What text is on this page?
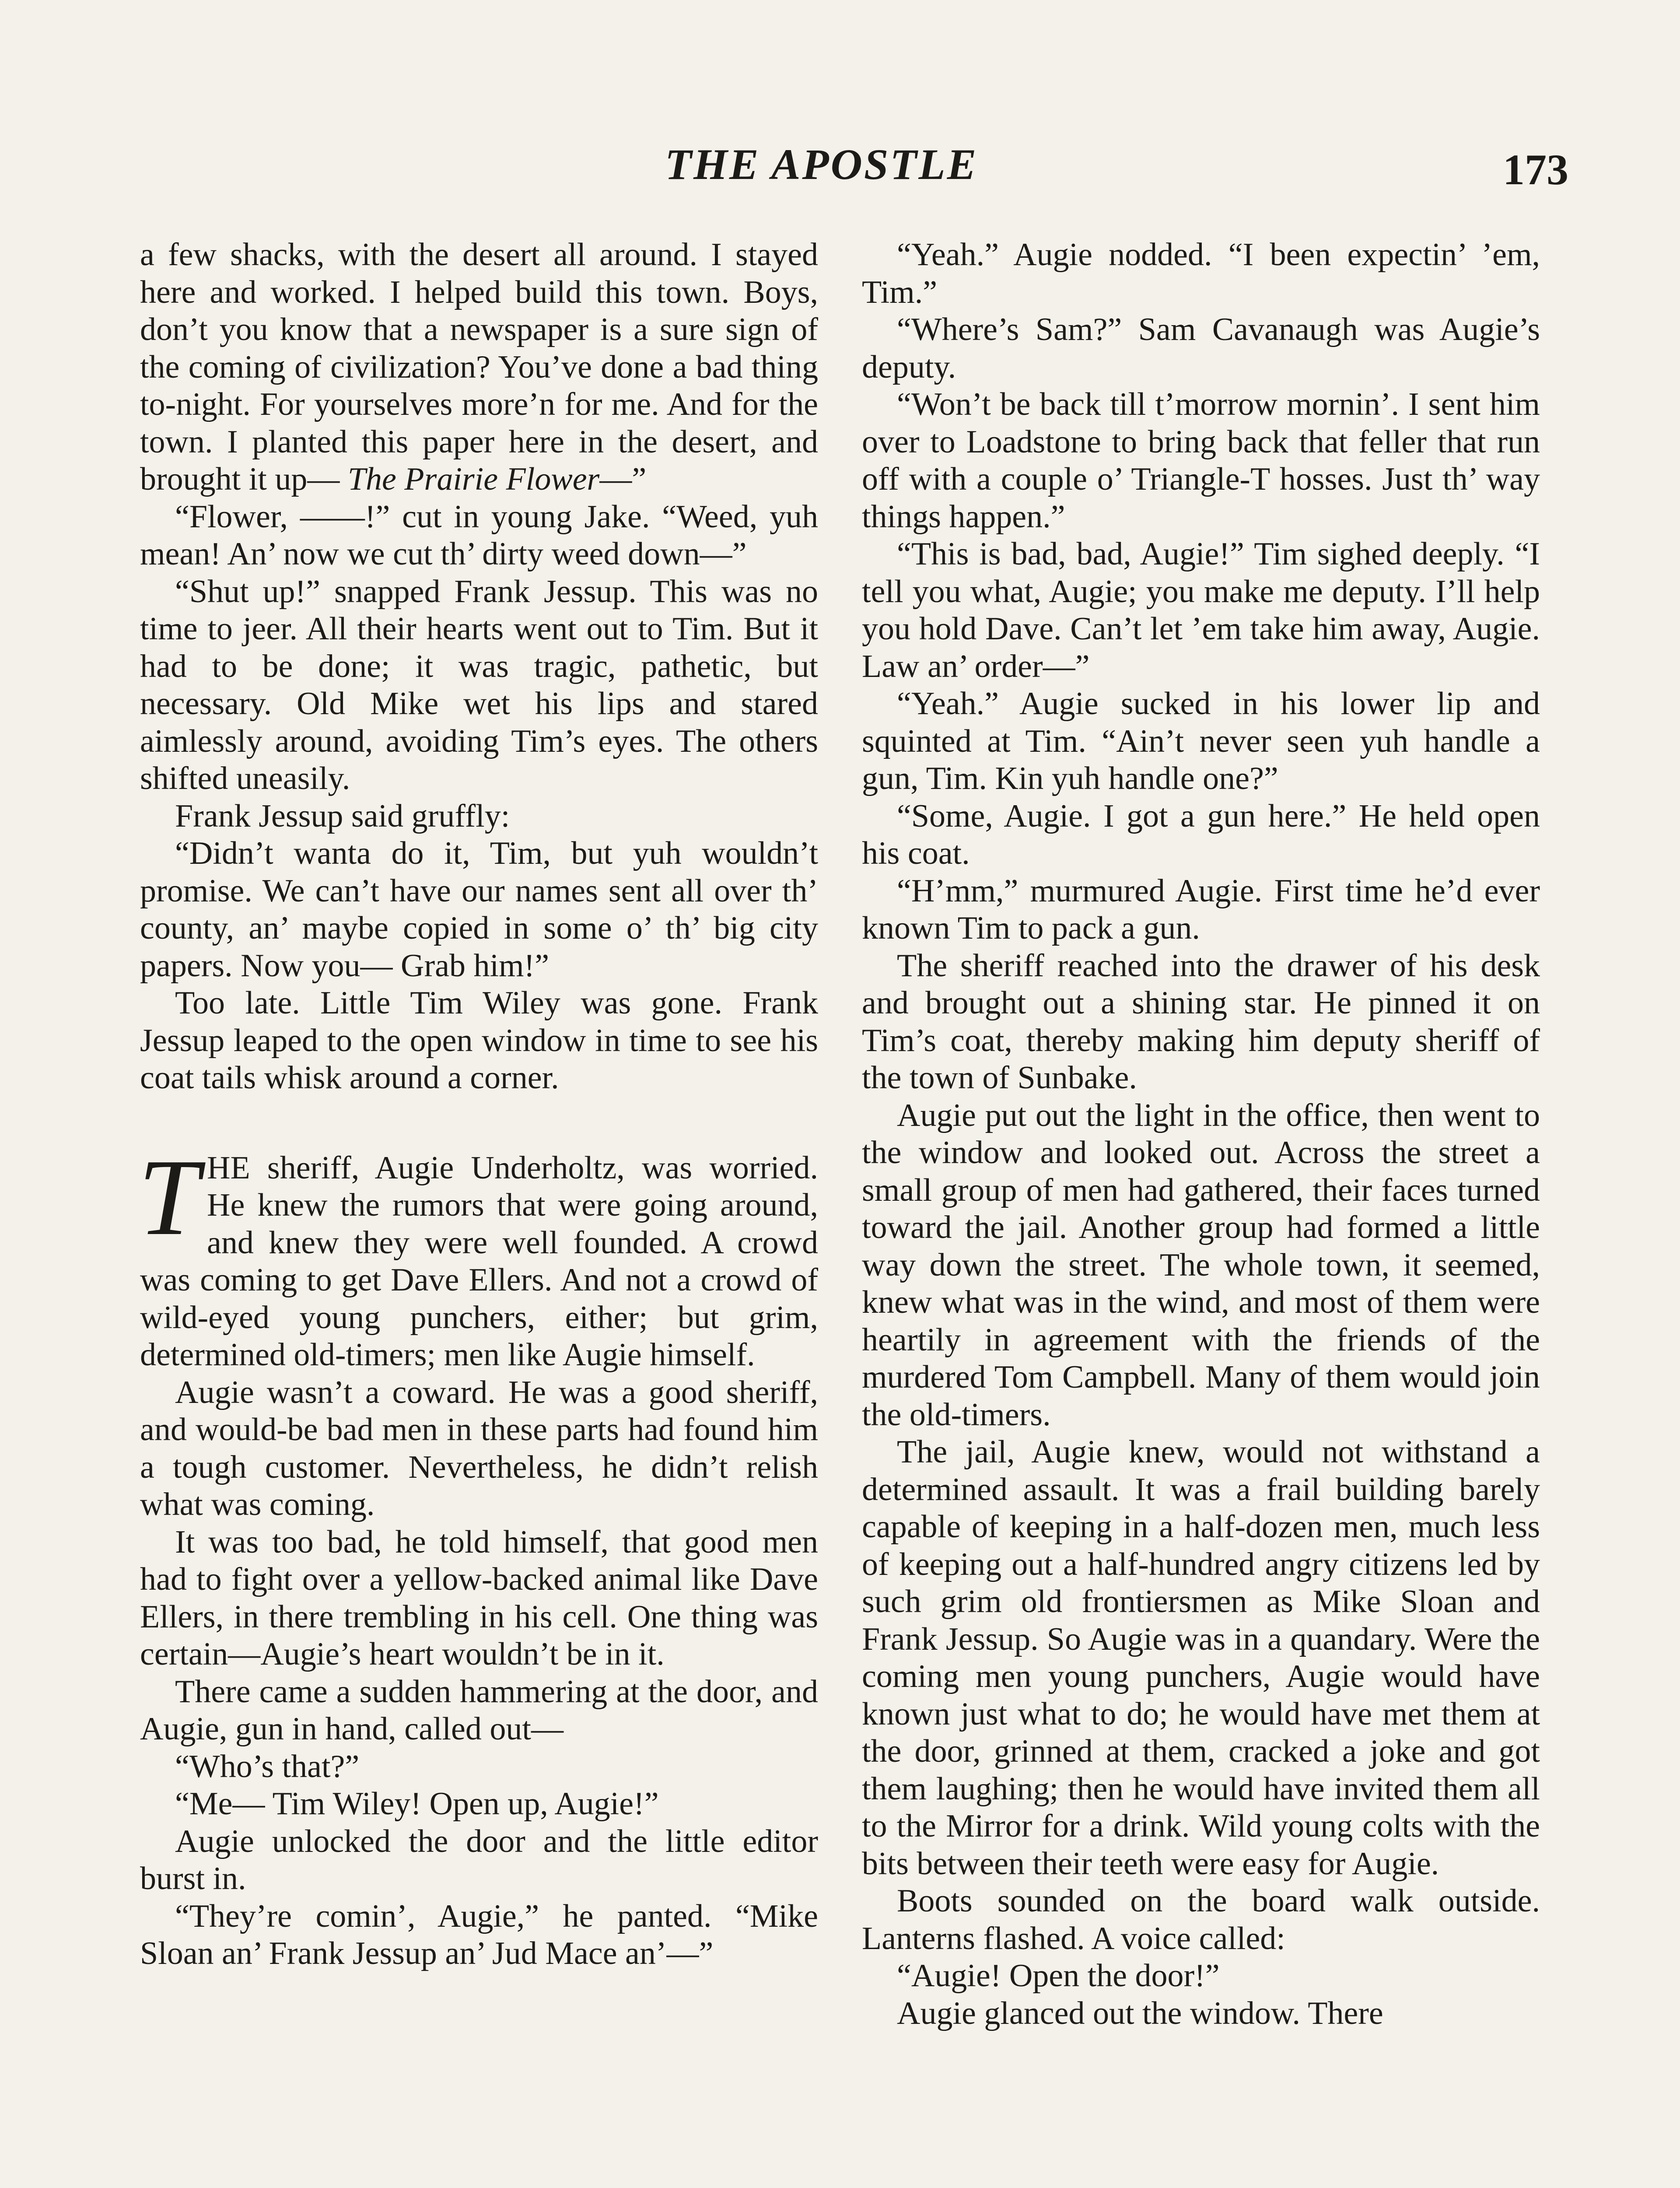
THE APOSTLE	173

a few shacks, with the desert all around. I stayed here and worked. I helped build this town. Boys, don’t you know that a newspaper is a sure sign of the coming of civilization? You’ve done a bad thing to-night. For yourselves more’n for me. And for the town. I planted this paper here in the desert, and brought it up— The Prairie Flower—”

“Flower, ——!” cut in young Jake. “Weed, yuh mean! An’ now we cut th’ dirty weed down—”

“Shut up!” snapped Frank Jessup. This was no time to jeer. All their hearts went out to Tim. But it had to be done; it was tragic, pathetic, but necessary. Old Mike wet his lips and stared aimlessly around, avoiding Tim’s eyes. The others shifted uneasily.

Frank Jessup said gruffly:

“Didn’t wanta do it, Tim, but yuh wouldn’t promise. We can’t have our names sent all over th’ county, an’ maybe copied in some o’ th’ big city papers. Now you— Grab him!”

Too late. Little Tim Wiley was gone. Frank Jessup leaped to the open window in time to see his coat tails whisk around a corner.

THE sheriff, Augie Underholtz, was worried. He knew the rumors that were going around, and knew they were well founded. A crowd was coming to get Dave Ellers. And not a crowd of wild-eyed young punchers, either; but grim, determined old-timers; men like Augie himself.

Augie wasn’t a coward. He was a good sheriff, and would-be bad men in these parts had found him a tough customer. Nevertheless, he didn’t relish what was coming.

It was too bad, he told himself, that good men had to fight over a yellow-backed animal like Dave Ellers, in there trembling in his cell. One thing was certain—Augie’s heart wouldn’t be in it.

There came a sudden hammering at the door, and Augie, gun in hand, called out—

“Who’s that?”

“Me— Tim Wiley! Open up, Augie!”

Augie unlocked the door and the little editor burst in.

“They’re comin’, Augie,” he panted. “Mike Sloan an’ Frank Jessup an’ Jud Mace an’—”

“Yeah.” Augie nodded. “I been expectin’ ’em, Tim.”

“Where’s Sam?” Sam Cavanaugh was Augie’s deputy.

“Won’t be back till t’morrow mornin’. I sent him over to Loadstone to bring back that feller that run off with a couple o’ Triangle-T hosses. Just th’ way things happen.”

“This is bad, bad, Augie!” Tim sighed deeply. “I tell you what, Augie; you make me deputy. I’ll help you hold Dave. Can’t let ’em take him away, Augie. Law an’ order—”

“Yeah.” Augie sucked in his lower lip and squinted at Tim. “Ain’t never seen yuh handle a gun, Tim. Kin yuh handle one?”

“Some, Augie. I got a gun here.” He held open his coat.

“H’mm,” murmured Augie. First time he’d ever known Tim to pack a gun.

The sheriff reached into the drawer of his desk and brought out a shining star. He pinned it on Tim’s coat, thereby making him deputy sheriff of the town of Sunbake.

Augie put out the light in the office, then went to the window and looked out. Across the street a small group of men had gathered, their faces turned toward the jail. Another group had formed a little way down the street. The whole town, it seemed, knew what was in the wind, and most of them were heartily in agreement with the friends of the murdered Tom Campbell. Many of them would join the old-timers.

The jail, Augie knew, would not withstand a determined assault. It was a frail building barely capable of keeping in a half-dozen men, much less of keeping out a half-hundred angry citizens led by such grim old frontiersmen as Mike Sloan and Frank Jessup. So Augie was in a quandary. Were the coming men young punchers, Augie would have known just what to do; he would have met them at the door, grinned at them, cracked a joke and got them laughing; then he would have invited them all to the Mirror for a drink. Wild young colts with the bits between their teeth were easy for Augie.

Boots sounded on the board walk outside. Lanterns flashed. A voice called:

“Augie! Open the door!”

Augie glanced out the window. There
